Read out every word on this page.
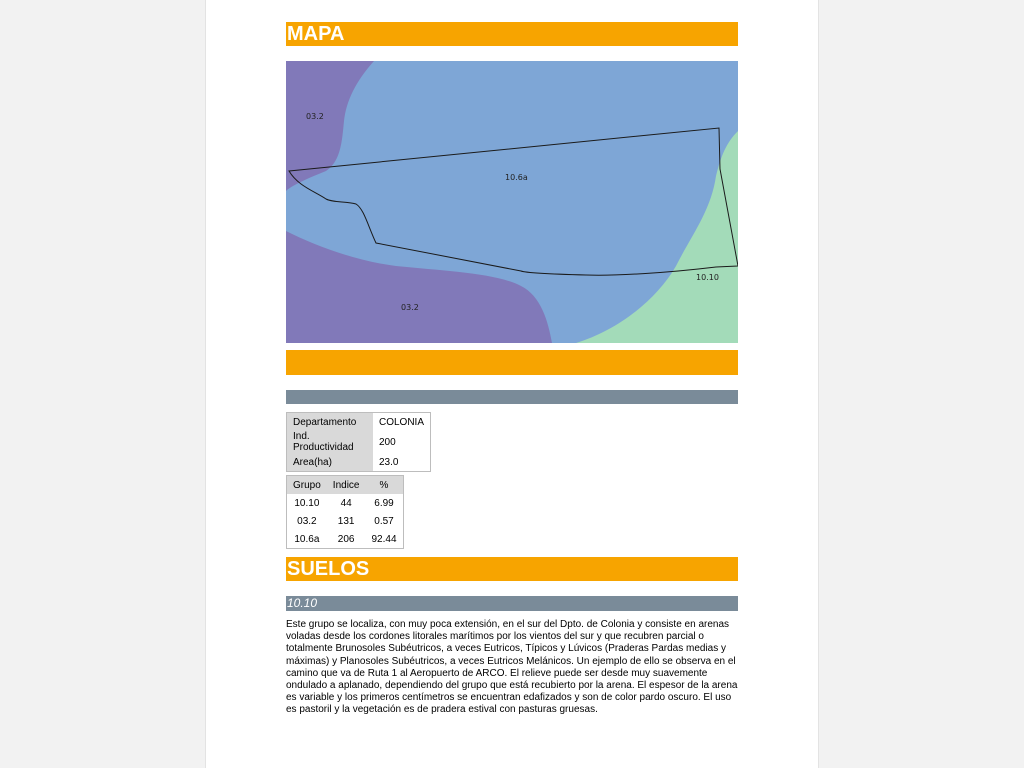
MAPA
03.2
10.6a
10.10
03.2
Departamento	COLONIA
Ind. Productividad	200
Area(ha)	23.0
Grupo	Indice	%
10.10	44	6.99
03.2	131	0.57
10.6a	206	92.44
SUELOS
10.10
Este grupo se localiza, con muy poca extensión, en el sur del Dpto. de Colonia y consiste en arenas voladas desde los cordones litorales marítimos por los vientos del sur y que recubren parcial o totalmente Brunosoles Subéutricos, a veces Eutricos, Típicos y Lúvicos (Praderas Pardas medias y máximas) y Planosoles Subéutricos, a veces Eutricos Melánicos. Un ejemplo de ello se observa en el camino que va de Ruta 1 al Aeropuerto de ARCO. El relieve puede ser desde muy suavemente ondulado a aplanado, dependiendo del grupo que está recubierto por la arena. El espesor de la arena es variable y los primeros centímetros se encuentran edafizados y son de color pardo oscuro. El uso es pastoril y la vegetación es de pradera estival con pasturas gruesas.
